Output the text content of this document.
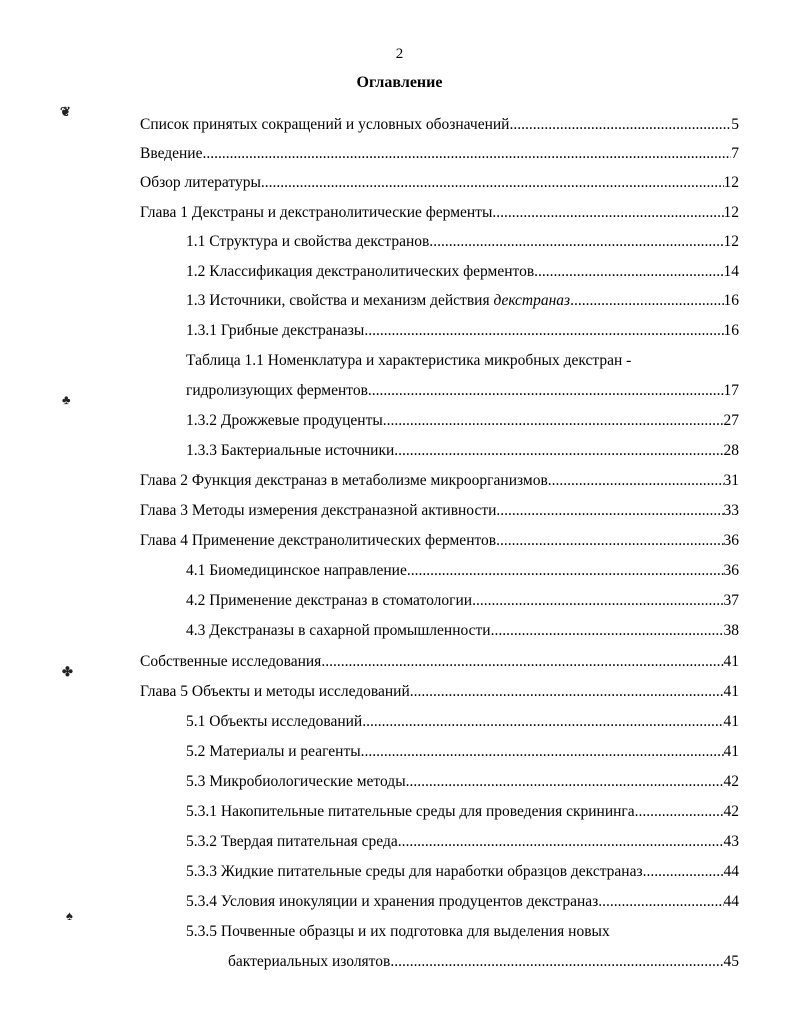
2
Оглавление
❦
♣
✤
♠
Список принятых сокращений и условных обозначений .....	5
Введение .....	7
Обзор литературы .....	12
Глава 1 Декстраны и декстранолитические ферменты .....	12
1.1 Структура и свойства декстранов .....	12
1.2 Классификация декстранолитических ферментов .....	14
1.3 Источники, свойства и механизм действия декстраназ .....	16
1.3.1 Грибные декстраназы .....	16
Таблица 1.1 Номенклатура и характеристика микробных декстран -
гидролизующих ферментов .....	17
1.3.2 Дрожжевые продуценты .....	27
1.3.3 Бактериальные источники .....	28
Глава 2 Функция декстраназ в метаболизме микроорганизмов .....	31
Глава 3 Методы измерения декстраназной активности .....	33
Глава 4 Применение декстранолитических ферментов .....	36
4.1 Биомедицинское направление .....	36
4.2 Применение декстраназ в стоматологии .....	37
4.3 Декстраназы в сахарной промышленности .....	38
Собственные исследования .....	41
Глава 5 Объекты и методы исследований .....	41
5.1 Объекты исследований .....	41
5.2 Материалы и реагенты .....	41
5.3 Микробиологические методы .....	42
5.3.1 Накопительные питательные среды для проведения скрининга .....	42
5.3.2 Твердая питательная среда .....	43
5.3.3 Жидкие питательные среды для наработки образцов декстраназ .....	44
5.3.4 Условия инокуляции и хранения продуцентов декстраназ .....	44
5.3.5 Почвенные образцы и их подготовка для выделения новых
бактериальных изолятов .....	45
